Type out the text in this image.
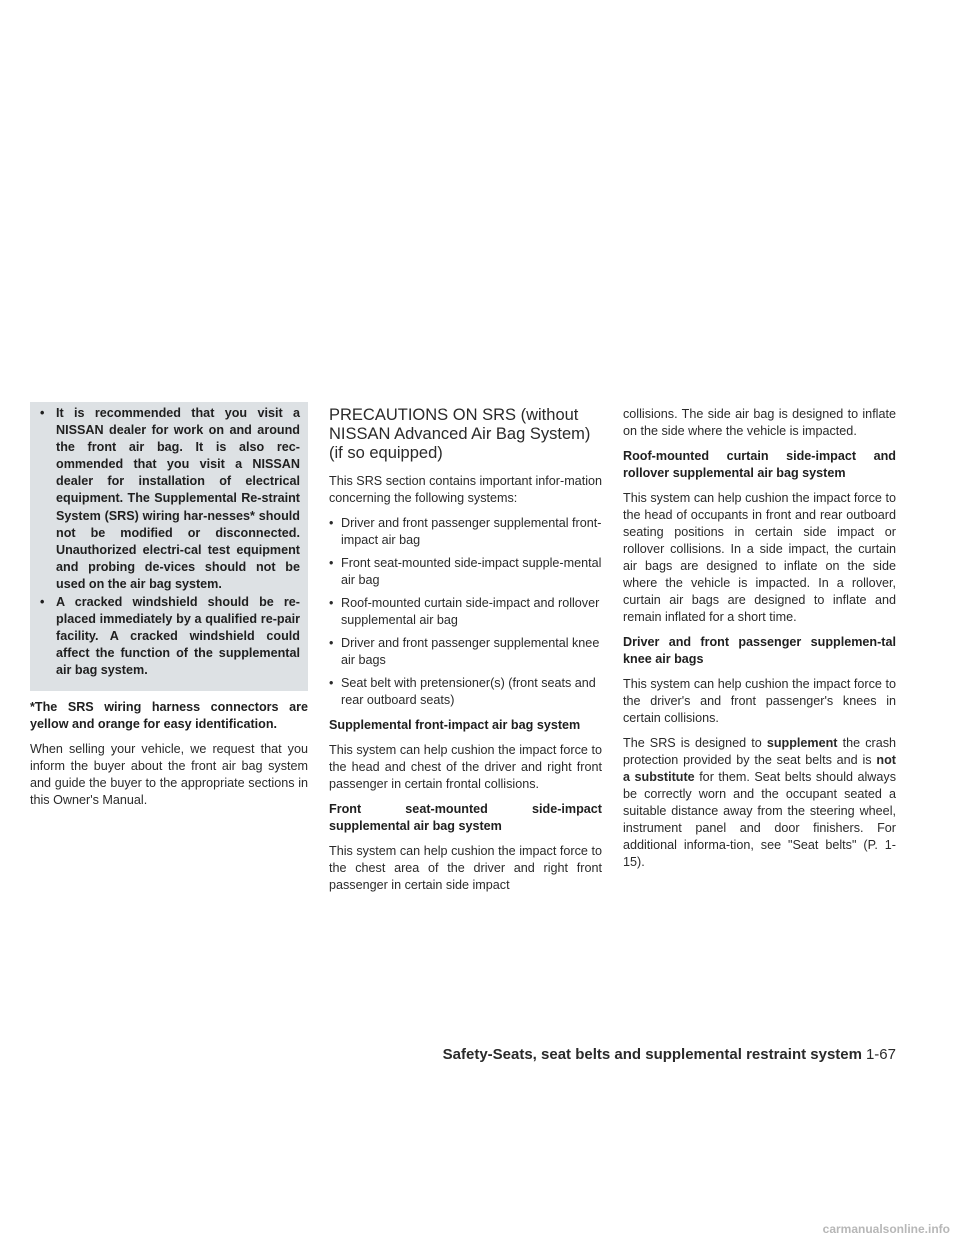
• It is recommended that you visit a NISSAN dealer for work on and around the front air bag. It is also rec-ommended that you visit a NISSAN dealer for installation of electrical equipment. The Supplemental Re-straint System (SRS) wiring har-nesses* should not be modified or disconnected. Unauthorized electri-cal test equipment and probing de-vices should not be used on the air bag system.
• A cracked windshield should be re-placed immediately by a qualified re-pair facility. A cracked windshield could affect the function of the supplemental air bag system.

*The SRS wiring harness connectors are yellow and orange for easy identification.

When selling your vehicle, we request that you inform the buyer about the front air bag system and guide the buyer to the appropriate sections in this Owner's Manual.

PRECAUTIONS ON SRS (without NISSAN Advanced Air Bag System) (if so equipped)

This SRS section contains important infor-mation concerning the following systems:

• Driver and front passenger supplemental front-impact air bag
• Front seat-mounted side-impact supple-mental air bag
• Roof-mounted curtain side-impact and rollover supplemental air bag
• Driver and front passenger supplemental knee air bags
• Seat belt with pretensioner(s) (front seats and rear outboard seats)

Supplemental front-impact air bag system

This system can help cushion the impact force to the head and chest of the driver and right front passenger in certain frontal collisions.

Front seat-mounted side-impact supplemental air bag system

This system can help cushion the impact force to the chest area of the driver and right front passenger in certain side impact

collisions. The side air bag is designed to inflate on the side where the vehicle is impacted.

Roof-mounted curtain side-impact and rollover supplemental air bag system

This system can help cushion the impact force to the head of occupants in front and rear outboard seating positions in certain side impact or rollover collisions. In a side impact, the curtain air bags are designed to inflate on the side where the vehicle is impacted. In a rollover, curtain air bags are designed to inflate and remain inflated for a short time.

Driver and front passenger supplemen-tal knee air bags

This system can help cushion the impact force to the driver's and front passenger's knees in certain collisions.

The SRS is designed to supplement the crash protection provided by the seat belts and is not a substitute for them. Seat belts should always be correctly worn and the occupant seated a suitable distance away from the steering wheel, instrument panel and door finishers. For additional informa-tion, see "Seat belts" (P. 1-15).

Safety-Seats, seat belts and supplemental restraint system 1-67
carmanualsonline.info
